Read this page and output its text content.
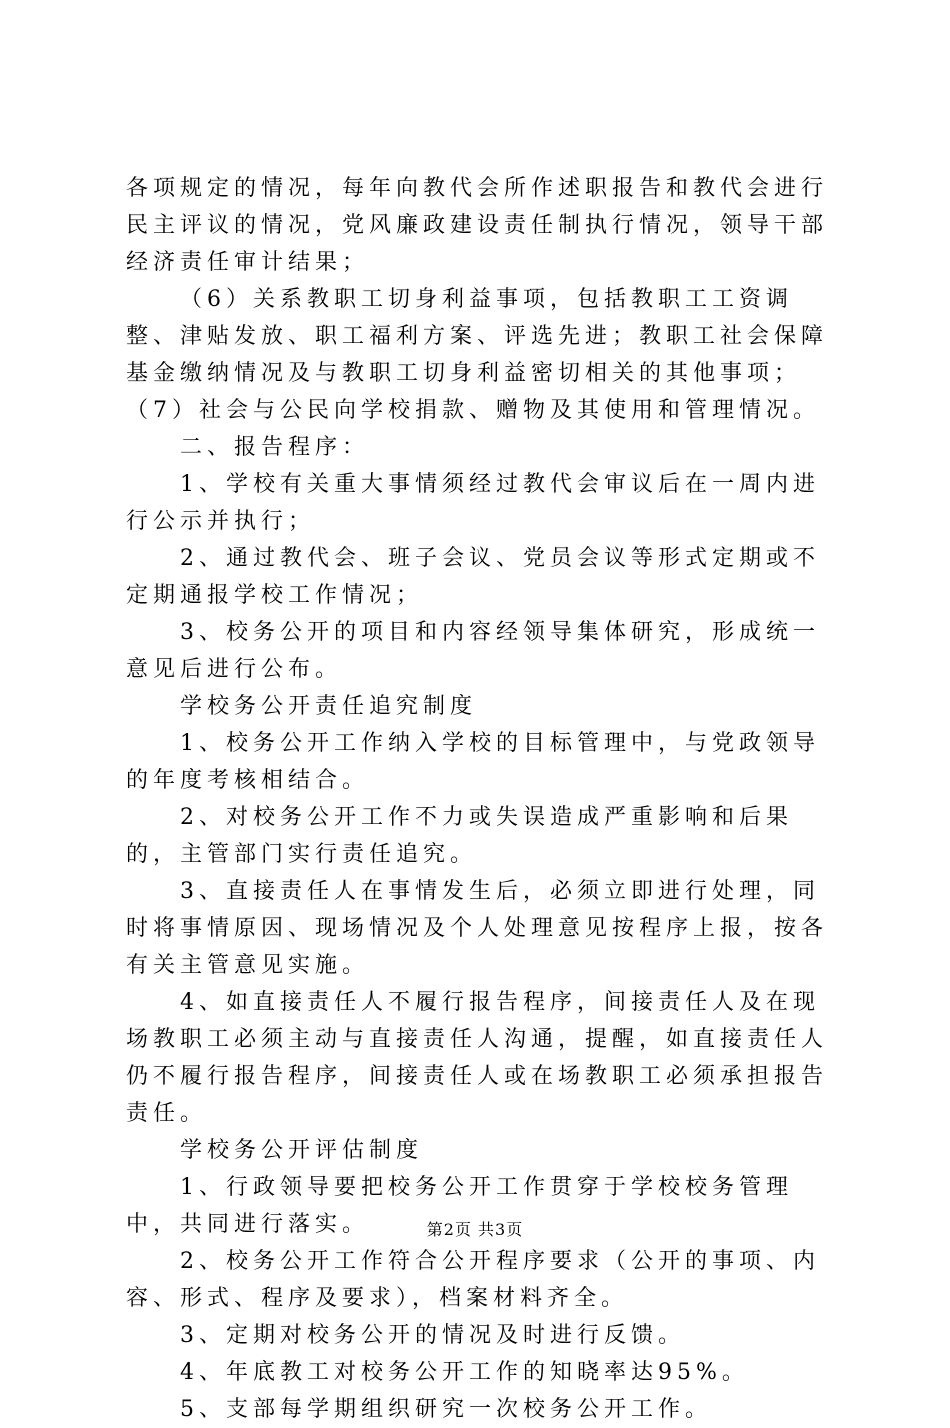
各项规定的情况，每年向教代会所作述职报告和教代会进行民主评议的情况，党风廉政建设责任制执行情况，领导干部经济责任审计结果；

（6）关系教职工切身利益事项，包括教职工工资调整、津贴发放、职工福利方案、评选先进；教职工社会保障基金缴纳情况及与教职工切身利益密切相关的其他事项；（7）社会与公民向学校捐款、赠物及其使用和管理情况。

二、报告程序：

1、学校有关重大事情须经过教代会审议后在一周内进行公示并执行；

2、通过教代会、班子会议、党员会议等形式定期或不定期通报学校工作情况；

3、校务公开的项目和内容经领导集体研究，形成统一意见后进行公布。

学校务公开责任追究制度

1、校务公开工作纳入学校的目标管理中，与党政领导的年度考核相结合。

2、对校务公开工作不力或失误造成严重影响和后果的，主管部门实行责任追究。

3、直接责任人在事情发生后，必须立即进行处理，同时将事情原因、现场情况及个人处理意见按程序上报，按各有关主管意见实施。

4、如直接责任人不履行报告程序，间接责任人及在现场教职工必须主动与直接责任人沟通，提醒，如直接责任人仍不履行报告程序，间接责任人或在场教职工必须承担报告责任。

学校务公开评估制度

1、行政领导要把校务公开工作贯穿于学校校务管理中，共同进行落实。

2、校务公开工作符合公开程序要求（公开的事项、内容、形式、程序及要求），档案材料齐全。

3、定期对校务公开的情况及时进行反馈。

4、年底教工对校务公开工作的知晓率达95%。

5、支部每学期组织研究一次校务公开工作。

第2页 共3页
